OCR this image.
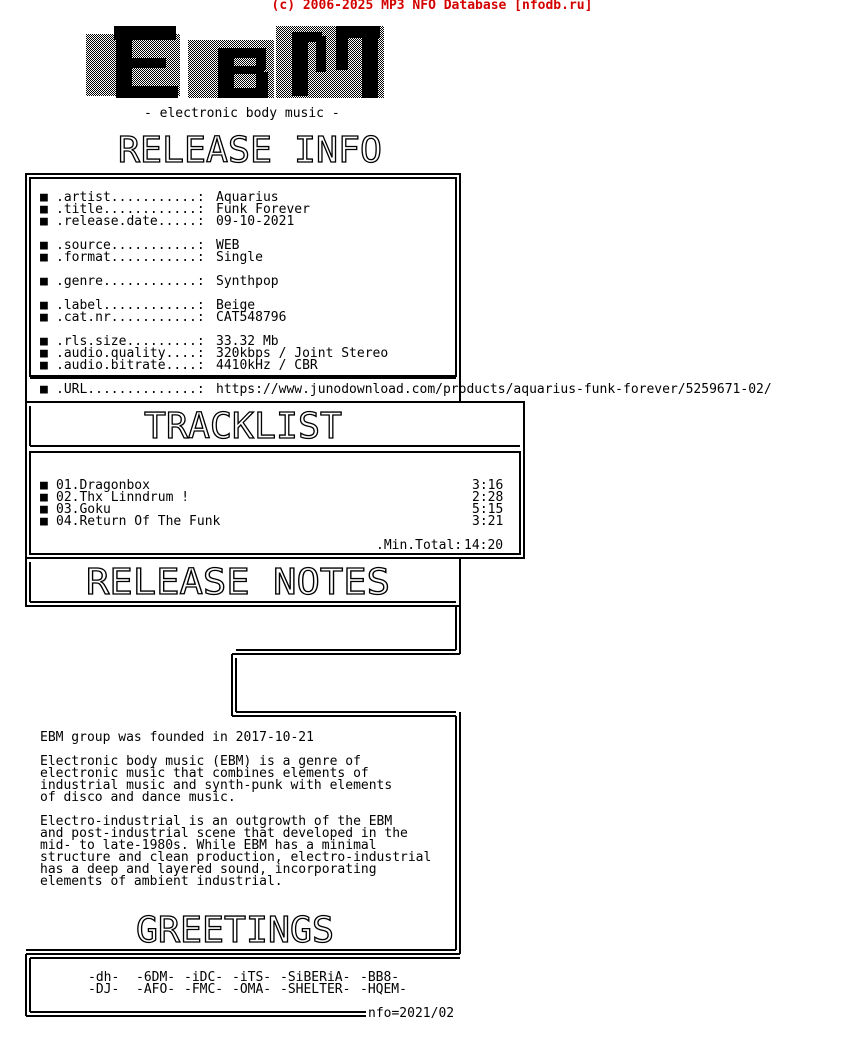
(c) 2006-2025 MP3 NFO Database [nfodb.ru]
- electronic body music -
RELEASE INFO
TRACKLIST
RELEASE NOTES
GREETINGS
■ .artist...........: Aquarius
■ .title............: Funk Forever
■ .release.date.....: 09-10-2021
■ .source...........: WEB
■ .format...........: Single
■ .genre............: Synthpop
■ .label............: Beige
■ .cat.nr...........: CAT548796
■ .rls.size.........: 33.32 Mb
■ .audio.quality....: 320kbps / Joint Stereo
■ .audio.bitrate....: 4410kHz / CBR
■ .URL..............: https://www.junodownload.com/products/aquarius-funk-forever/5259671-02/
■ 01.Dragonbox	3:16
■ 02.Thx Linndrum !	2:28
■ 03.Goku	5:15
■ 04.Return Of The Funk	3:21
.Min.Total: 14:20
EBM group was founded in 2017-10-21
Electronic body music (EBM) is a genre of
electronic music that combines elements of
industrial music and synth-punk with elements
of disco and dance music.
Electro-industrial is an outgrowth of the EBM
and post-industrial scene that developed in the
mid- to late-1980s. While EBM has a minimal
structure and clean production, electro-industrial
has a deep and layered sound, incorporating
elements of ambient industrial.
-dh- -6DM- -iDC- -iTS- -SiBERiA- -BB8-
-DJ- -AFO- -FMC- -OMA- -SHELTER- -HQEM-
nfo=2021/02
